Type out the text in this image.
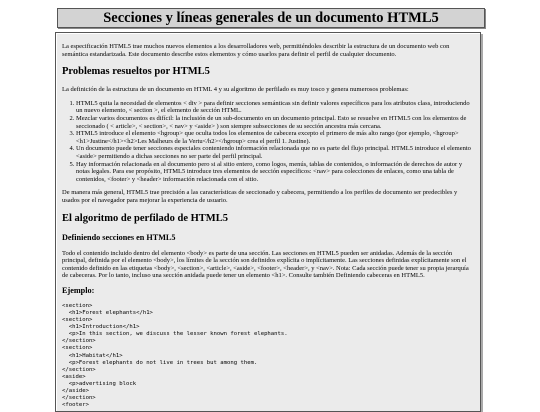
Secciones y líneas generales de un documento HTML5

La especificación HTML5 trae muchos nuevos elementos a los desarrolladores web, permitiéndoles describir la estructura de un documento web con semántica estandarizada. Este documento describe estos elementos y cómo usarlos para definir el perfil de cualquier documento.

Problemas resueltos por HTML5

La definición de la estructura de un documento en HTML 4 y su algoritmo de perfilado es muy tosco y genera numerosos problemas:

1. HTML5 quita la necesidad de elementos < div > para definir secciones semánticas sin definir valores específicos para los atributos class, introduciendo un nuevo elemento, < section >, el elemento de sección HTML.
2. Mezclar varios documentos es difícil: la inclusión de un sub-documento en un documento principal. Esto se resuelve en HTML5 con los elementos de seccionado ( < article>, < section>, < nav> y <aside> ) son siempre subsecciones de su sección ancestra más cercana.
3. HTML5 introduce el elemento <hgroup> que oculta todos los elementos de cabecera excepto el primero de más alto rango (por ejemplo, <hgroup><h1>Justine</h1><h2>Les Malheurs de la Vertu</h2></hgroup> crea el perfil 1. Justine).
4. Un documento puede tener secciones especiales conteniendo información relacionada que no es parte del flujo principal. HTML5 introduce el elemento <aside> permitiendo a dichas secciones no ser parte del perfil principal.
5. Hay información relacionada en al documento pero si al sitio entero, como logos, menús, tablas de contenidos, o información de derechos de autor y notas legales. Para ese propósito, HTML5 introduce tres elementos de sección específicos: <nav> para colecciones de enlaces, como una tabla de contenidos, <footer> y <header> información relacionada con el sitio.

De manera más general, HTML5 trae precisión a las características de seccionado y cabecera, permitiendo a los perfiles de documento ser predecibles y usados por el navegador para mejorar la experiencia de usuario.

El algoritmo de perfilado de HTML5
Definiendo secciones en HTML5

Todo el contenido incluido dentro del elemento <body> es parte de una sección. Las secciones en HTML5 pueden ser anidadas. Además de la sección principal, definida por el elemento <body>, los límites de la sección son definidos explícita o implícitamente. Las secciones definidas explícitamente son el contenido definido en las etiquetas <body>, <section>, <article>, <aside>, <footer>, <header>, y <nav>. Nota: Cada sección puede tener su propia jerarquía de cabeceras. Por lo tanto, incluso una sección anidada puede tener un elemento <h1>. Consulte también Definiendo cabeceras en HTML5.

Ejemplo:
<section>
<h1>Forest elephants</h1>
<section>
<h1>Introduction</h1>
<p>In this section, we discuss the lesser known forest elephants.
</section>
<section>
<h1>Habitat</h1>
<p>Forest elephants do not live in trees but among them.
</section>
<aside>
<p>advertising block
</aside>
</section>
<footer>
